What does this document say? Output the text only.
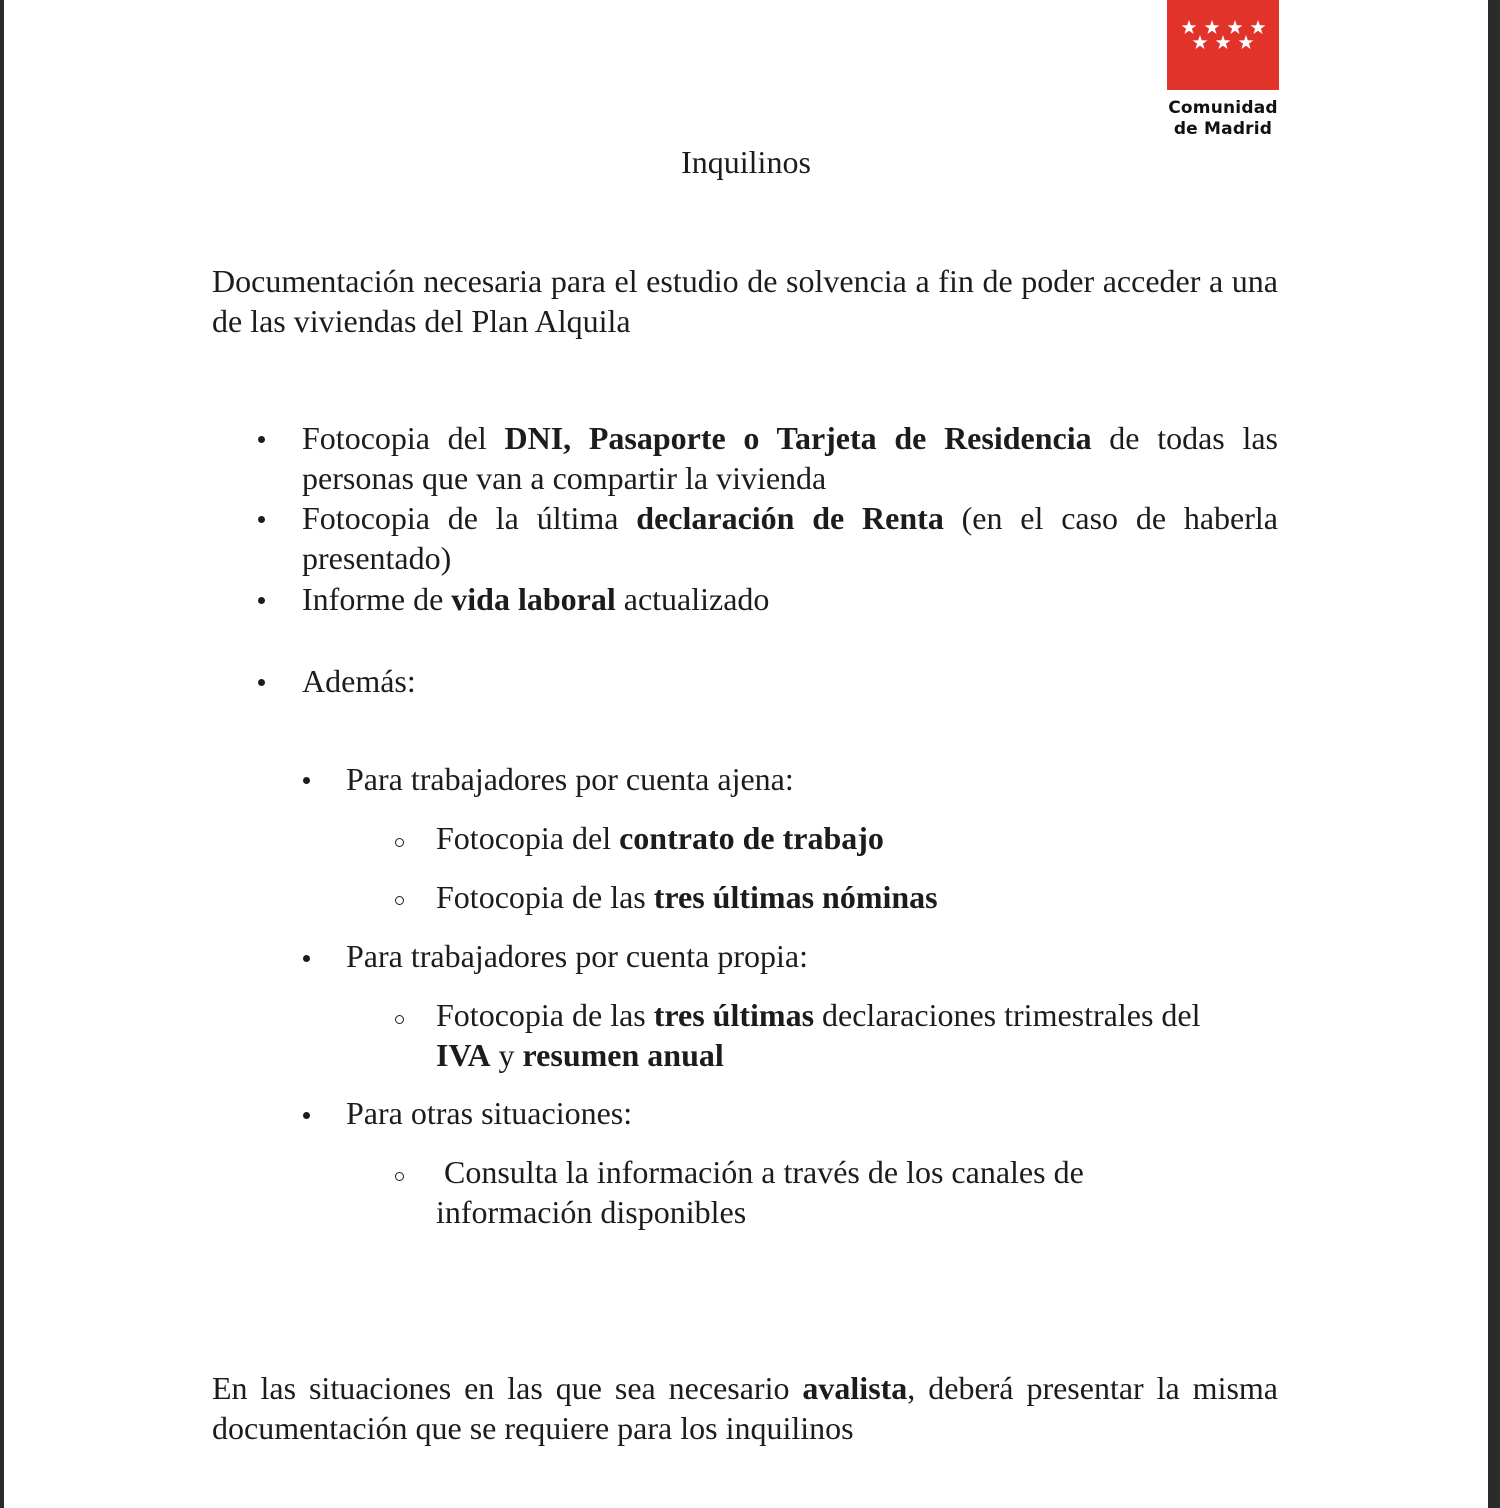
Comunidad
de Madrid
Inquilinos
Documentación necesaria para el estudio de solvencia a fin de poder acceder a una de las viviendas del Plan Alquila
Fotocopia del DNI, Pasaporte o Tarjeta de Residencia de todas las personas que van a compartir la vivienda
Fotocopia de la última declaración de Renta (en el caso de haberla presentado)
Informe de vida laboral actualizado
Además:
Para trabajadores por cuenta ajena:
Fotocopia del contrato de trabajo
Fotocopia de las tres últimas nóminas
Para trabajadores por cuenta propia:
Fotocopia de las tres últimas declaraciones trimestrales del IVA y resumen anual
Para otras situaciones:
Consulta la información a través de los canales de información disponibles
En las situaciones en las que sea necesario avalista, deberá presentar la misma documentación que se requiere para los inquilinos
